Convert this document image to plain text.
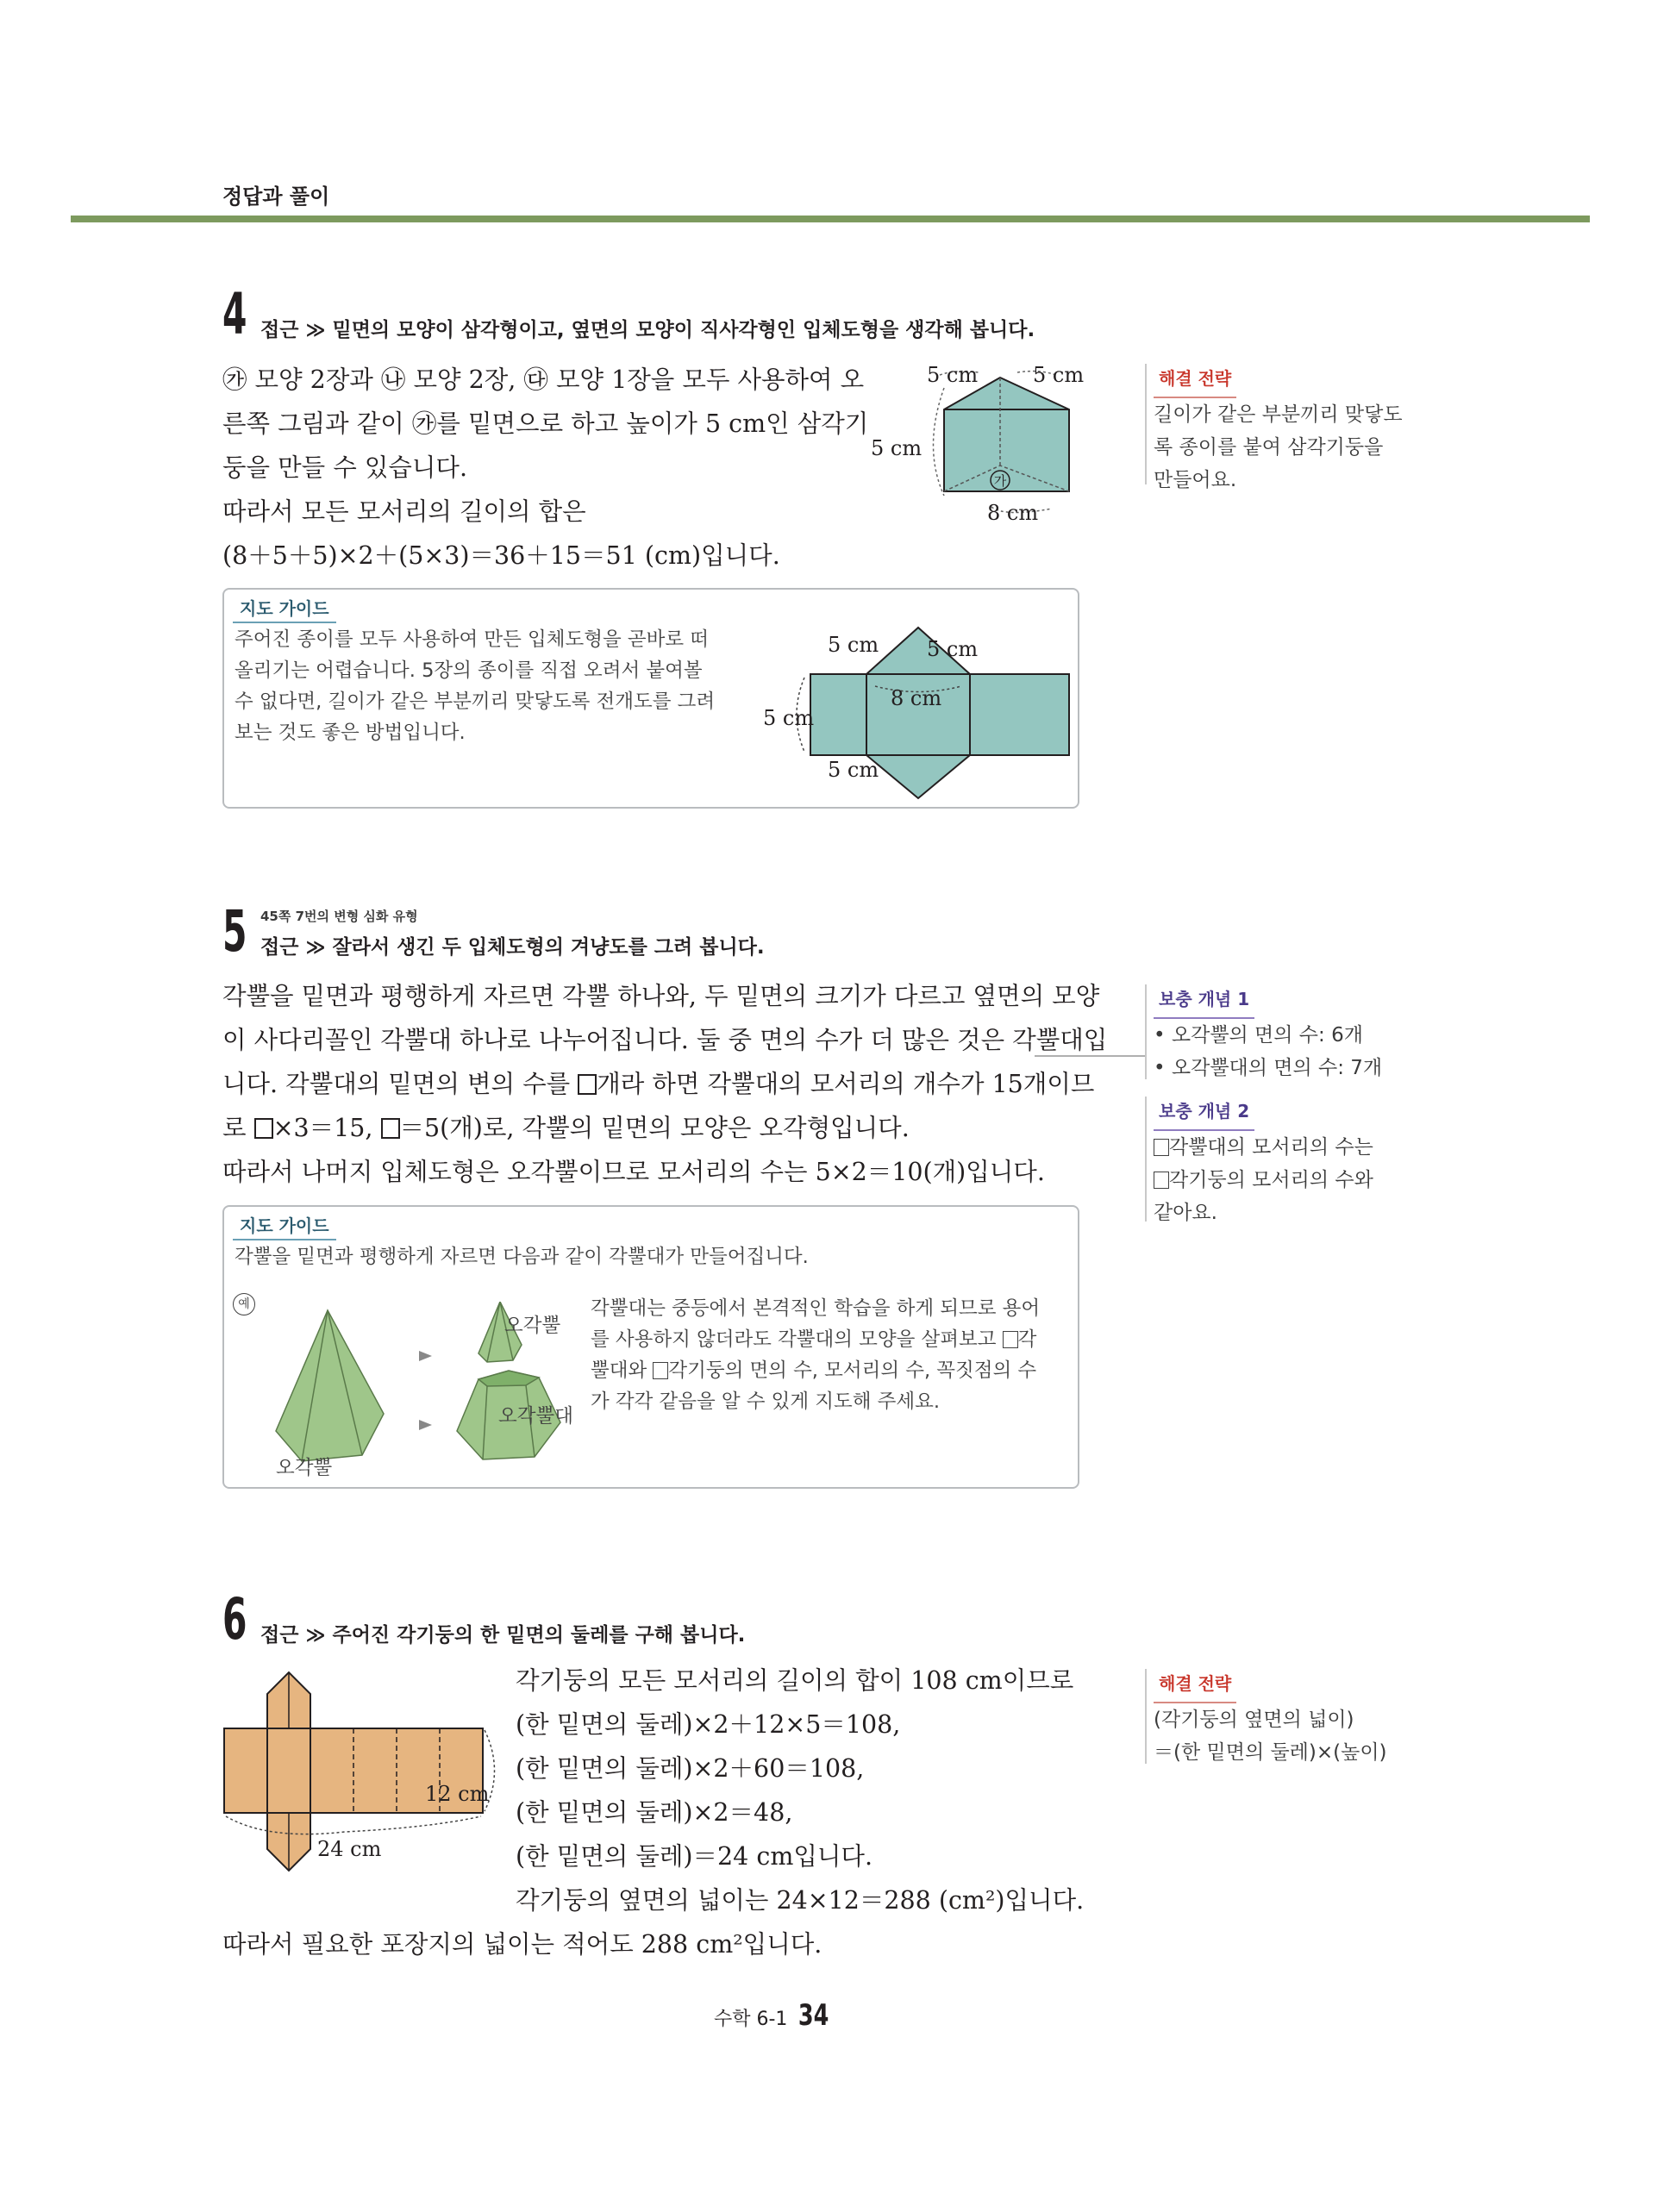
정답과 풀이
4 접근 ≫ 밑면의 모양이 삼각형이고, 옆면의 모양이 직사각형인 입체도형을 생각해 봅니다.

㉮ 모양 2장과 ㉯ 모양 2장, ㉰ 모양 1장을 모두 사용하여 오

른쪽 그림과 같이 ㉮를 밑면으로 하고 높이가 5 cm인 삼각기

둥을 만들 수 있습니다.

따라서 모든 모서리의 길이의 합은

(8＋5＋5)×2＋(5×3)＝36＋15＝51 (cm)입니다.

가
5 cm	5 cm
5 cm
8 cm
해결 전략
길이가 같은 부분끼리 맞닿도
록 종이를 붙여 삼각기둥을
만들어요.
지도 가이드
주어진 종이를 모두 사용하여 만든 입체도형을 곧바로 떠
올리기는 어렵습니다. 5장의 종이를 직접 오려서 붙여볼
수 없다면, 길이가 같은 부분끼리 맞닿도록 전개도를 그려
보는 것도 좋은 방법입니다.
5 cm 5 cm
8 cm
5 cm
5 cm
5 45쪽 7번의 변형 심화 유형
접근 ≫ 잘라서 생긴 두 입체도형의 겨냥도를 그려 봅니다.

각뿔을 밑면과 평행하게 자르면 각뿔 하나와, 두 밑면의 크기가 다르고 옆면의 모양

이 사다리꼴인 각뿔대 하나로 나누어집니다. 둘 중 면의 수가 더 많은 것은 각뿔대입

니다. 각뿔대의 밑면의 변의 수를 개라 하면 각뿔대의 모서리의 개수가 15개이므

로 ×3＝15, ＝5(개)로, 각뿔의 밑면의 모양은 오각형입니다.

따라서 나머지 입체도형은 오각뿔이므로 모서리의 수는 5×2＝10(개)입니다.

보충 개념 1
• 오각뿔의 면의 수: 6개
• 오각뿔대의 면의 수: 7개
보충 개념 2
각뿔대의 모서리의 수는
각기둥의 모서리의 수와
같아요.
지도 가이드
각뿔을 밑면과 평행하게 자르면 다음과 같이 각뿔대가 만들어집니다.
예
오각뿔
오각뿔
오각뿔대
각뿔대는 중등에서 본격적인 학습을 하게 되므로 용어
를 사용하지 않더라도 각뿔대의 모양을 살펴보고 각
뿔대와 각기둥의 면의 수, 모서리의 수, 꼭짓점의 수
가 각각 같음을 알 수 있게 지도해 주세요.
6 접근 ≫ 주어진 각기둥의 한 밑면의 둘레를 구해 봅니다.
12 cm
24 cm

각기둥의 모든 모서리의 길이의 합이 108 cm이므로

(한 밑면의 둘레)×2＋12×5＝108,

(한 밑면의 둘레)×2＋60＝108,

(한 밑면의 둘레)×2＝48,

(한 밑면의 둘레)＝24 cm입니다.

각기둥의 옆면의 넓이는 24×12＝288 (cm²)입니다.

따라서 필요한 포장지의 넓이는 적어도 288 cm²입니다.
해결 전략
(각기둥의 옆면의 넓이)
＝(한 밑면의 둘레)×(높이)
수학 6-1 34
